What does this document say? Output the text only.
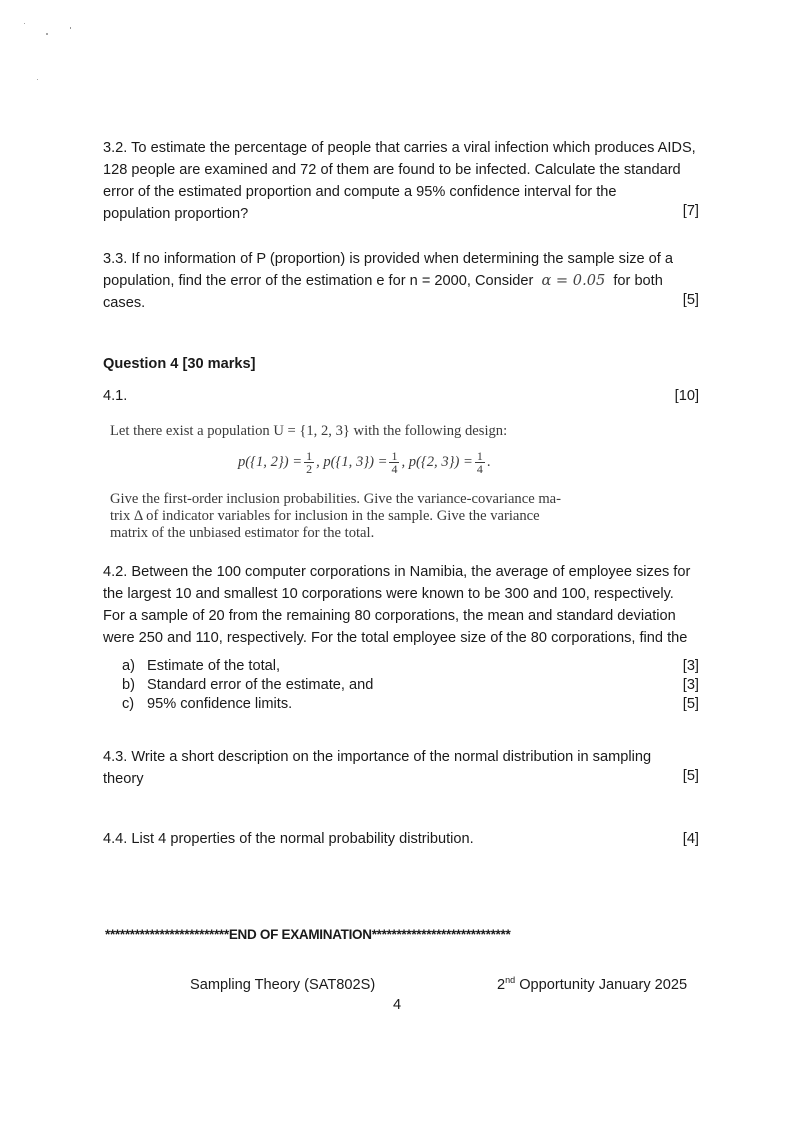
3.2. To estimate the percentage of people that carries a viral infection which produces AIDS,
128 people are examined and 72 of them are found to be infected. Calculate the standard
error of the estimated proportion and compute a 95% confidence interval for the
population proportion?	[7]
3.3. If no information of P (proportion) is provided when determining the sample size of a
population, find the error of the estimation e for n = 2000, Consider α = 0.05 for both
cases.	[5]
Question 4 [30 marks]
4.1.	[10]
Let there exist a population U = {1, 2, 3} with the following design:
p({1, $2\}) = \frac{1}{2}$ , p({1, $3\}) = \frac{1}{4}$ , p({2, $3\}) = \frac{1}{4}$ .
Give the first-order inclusion probabilities. Give the variance-covariance ma-
trix Δ of indicator variables for inclusion in the sample. Give the variance
matrix of the unbiased estimator for the total.
4.2. Between the 100 computer corporations in Namibia, the average of employee sizes for
the largest 10 and smallest 10 corporations were known to be 300 and 100, respectively.
For a sample of 20 from the remaining 80 corporations, the mean and standard deviation
were 250 and 110, respectively. For the total employee size of the 80 corporations, find the
a) Estimate of the total,	[3]
b) Standard error of the estimate, and	[3]
c) 95% confidence limits.	[5]
4.3. Write a short description on the importance of the normal distribution in sampling
theory	[5]
4.4. List 4 properties of the normal probability distribution.	[4]
*************************END OF EXAMINATION****************************
Sampling Theory (SAT802S)	2nd Opportunity January 2025
4
